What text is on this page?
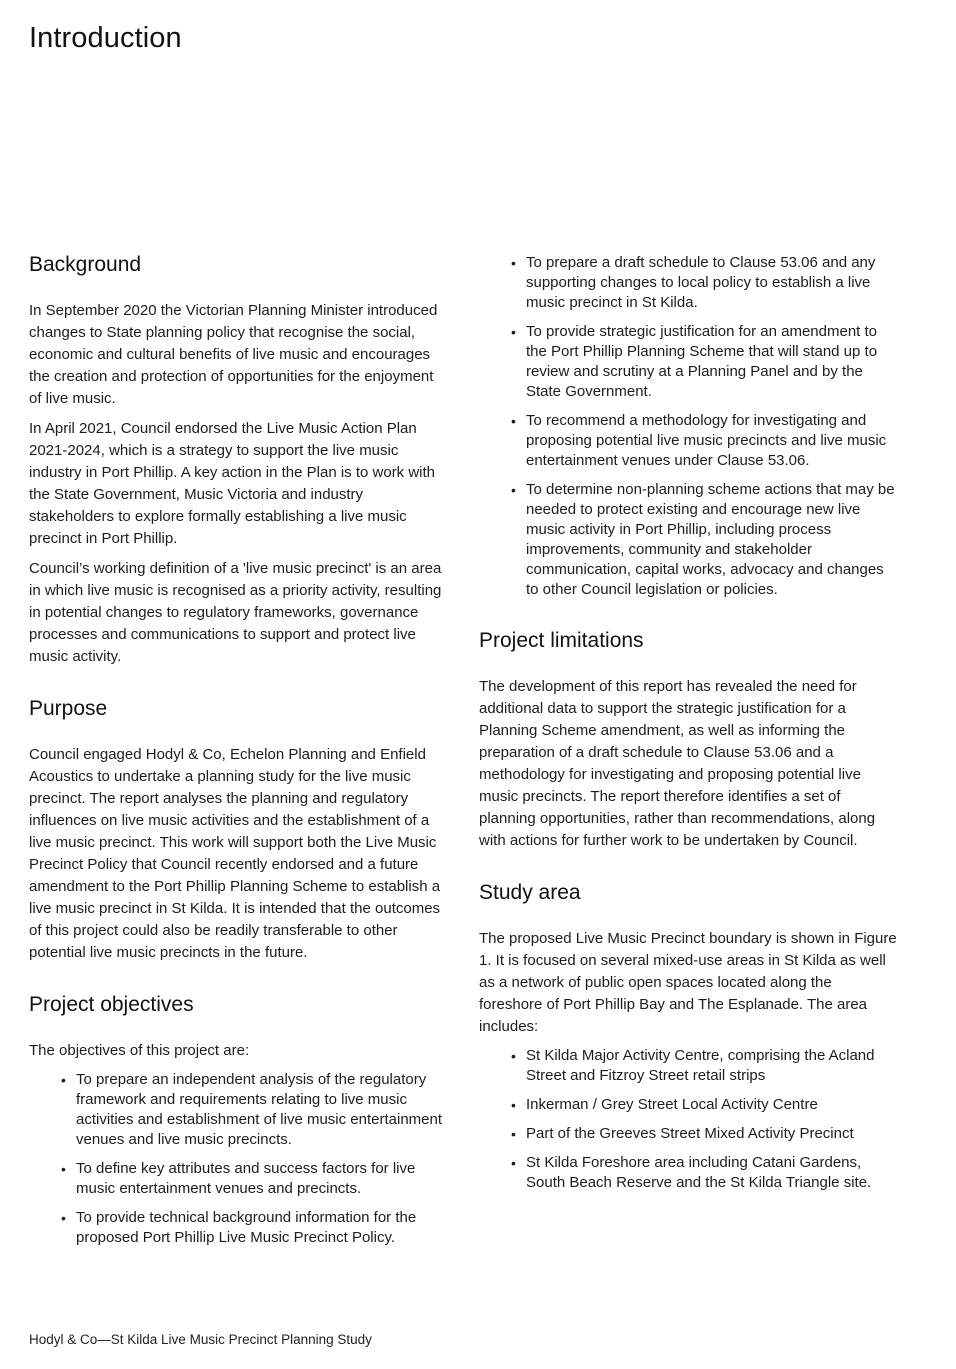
Introduction
Background

In September 2020 the Victorian Planning Minister introduced changes to State planning policy that recognise the social, economic and cultural benefits of live music and encourages the creation and protection of opportunities for the enjoyment of live music.

In April 2021, Council endorsed the Live Music Action Plan 2021-2024, which is a strategy to support the live music industry in Port Phillip. A key action in the Plan is to work with the State Government, Music Victoria and industry stakeholders to explore formally establishing a live music precinct in Port Phillip.

Council’s working definition of a 'live music precinct' is an area in which live music is recognised as a priority activity, resulting in potential changes to regulatory frameworks, governance processes and communications to support and protect live music activity.

Purpose

Council engaged Hodyl & Co, Echelon Planning and Enfield Acoustics to undertake a planning study for the live music precinct. The report analyses the planning and regulatory influences on live music activities and the establishment of a live music precinct. This work will support both the Live Music Precinct Policy that Council recently endorsed and a future amendment to the Port Phillip Planning Scheme to establish a live music precinct in St Kilda. It is intended that the outcomes of this project could also be readily transferable to other potential live music precincts in the future.

Project objectives

The objectives of this project are:

• To prepare an independent analysis of the regulatory framework and requirements relating to live music activities and establishment of live music entertainment venues and live music precincts.
• To define key attributes and success factors for live music entertainment venues and precincts.
• To provide technical background information for the proposed Port Phillip Live Music Precinct Policy.
• To prepare a draft schedule to Clause 53.06 and any supporting changes to local policy to establish a live music precinct in St Kilda.
• To provide strategic justification for an amendment to the Port Phillip Planning Scheme that will stand up to review and scrutiny at a Planning Panel and by the State Government.
• To recommend a methodology for investigating and proposing potential live music precincts and live music entertainment venues under Clause 53.06.
• To determine non-planning scheme actions that may be needed to protect existing and encourage new live music activity in Port Phillip, including process improvements, community and stakeholder communication, capital works, advocacy and changes to other Council legislation or policies.
Project limitations

The development of this report has revealed the need for additional data to support the strategic justification for a Planning Scheme amendment, as well as informing the preparation of a draft schedule to Clause 53.06 and a methodology for investigating and proposing potential live music precincts. The report therefore identifies a set of planning opportunities, rather than recommendations, along with actions for further work to be undertaken by Council.

Study area

The proposed Live Music Precinct boundary is shown in Figure 1. It is focused on several mixed-use areas in St Kilda as well as a network of public open spaces located along the foreshore of Port Phillip Bay and The Esplanade. The area includes:

• St Kilda Major Activity Centre, comprising the Acland Street and Fitzroy Street retail strips
• Inkerman / Grey Street Local Activity Centre
• Part of the Greeves Street Mixed Activity Precinct
• St Kilda Foreshore area including Catani Gardens, South Beach Reserve and the St Kilda Triangle site.
Hodyl & Co—St Kilda Live Music Precinct Planning Study
